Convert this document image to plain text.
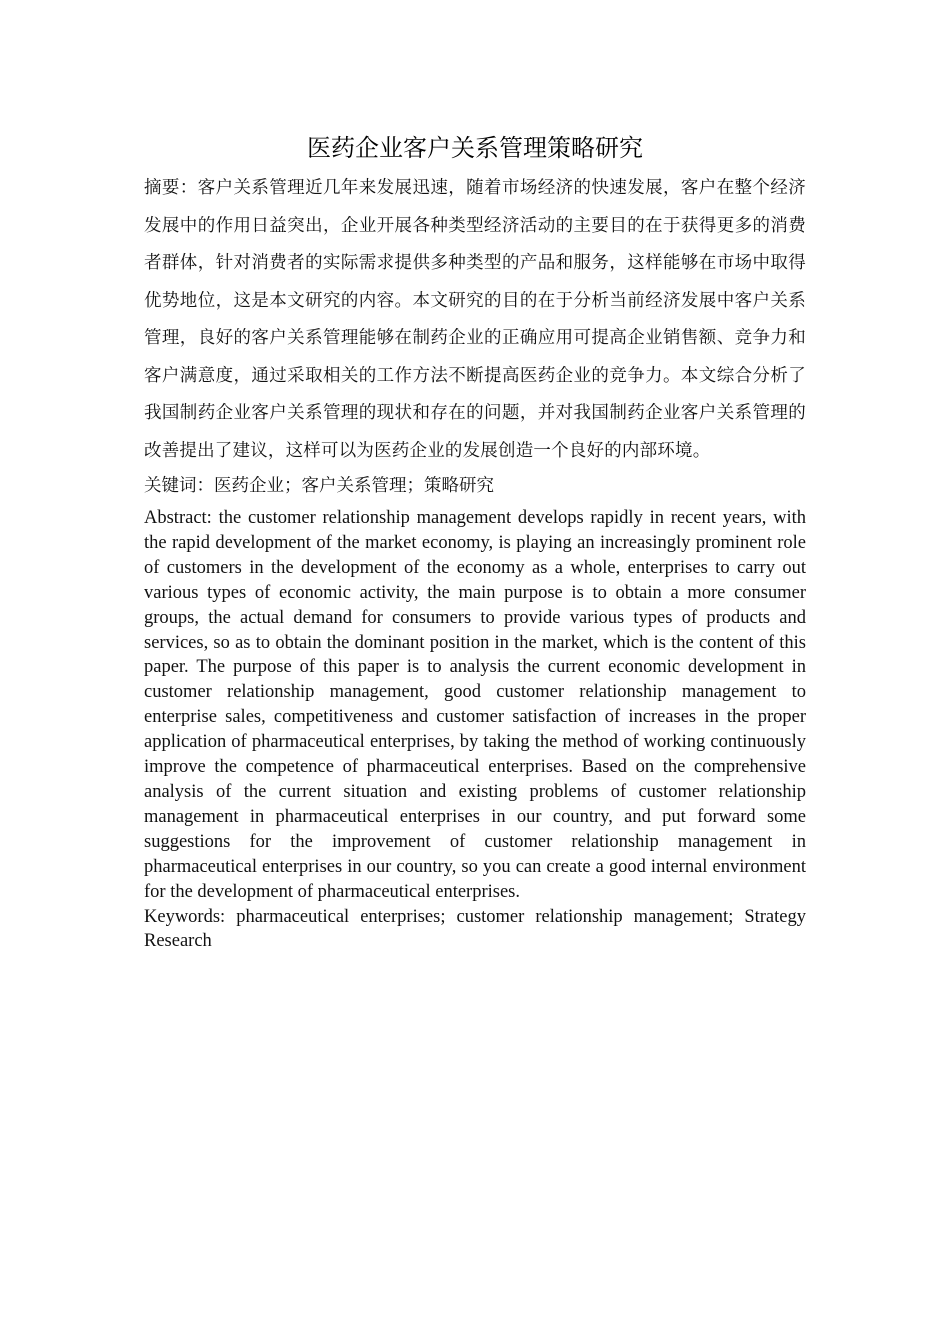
医药企业客户关系管理策略研究

摘要：客户关系管理近几年来发展迅速，随着市场经济的快速发展，客户在整个经济发展中的作用日益突出，企业开展各种类型经济活动的主要目的在于获得更多的消费者群体，针对消费者的实际需求提供多种类型的产品和服务，这样能够在市场中取得优势地位，这是本文研究的内容。本文研究的目的在于分析当前经济发展中客户关系管理，良好的客户关系管理能够在制药企业的正确应用可提高企业销售额、竞争力和客户满意度，通过采取相关的工作方法不断提高医药企业的竞争力。本文综合分析了我国制药企业客户关系管理的现状和存在的问题，并对我国制药企业客户关系管理的改善提出了建议，这样可以为医药企业的发展创造一个良好的内部环境。

关键词：医药企业；客户关系管理；策略研究

Abstract: the customer relationship management develops rapidly in recent years, with the rapid development of the market economy, is playing an increasingly prominent role of customers in the development of the economy as a whole, enterprises to carry out various types of economic activity, the main purpose is to obtain a more consumer groups, the actual demand for consumers to provide various types of products and services, so as to obtain the dominant position in the market, which is the content of this paper. The purpose of this paper is to analysis the current economic development in customer relationship management, good customer relationship management to enterprise sales, competitiveness and customer satisfaction of increases in the proper application of pharmaceutical enterprises, by taking the method of working continuously improve the competence of pharmaceutical enterprises. Based on the comprehensive analysis of the current situation and existing problems of customer relationship management in pharmaceutical enterprises in our country, and put forward some suggestions for the improvement of customer relationship management in pharmaceutical enterprises in our country, so you can create a good internal environment for the development of pharmaceutical enterprises.

Keywords: pharmaceutical enterprises; customer relationship management; Strategy Research
